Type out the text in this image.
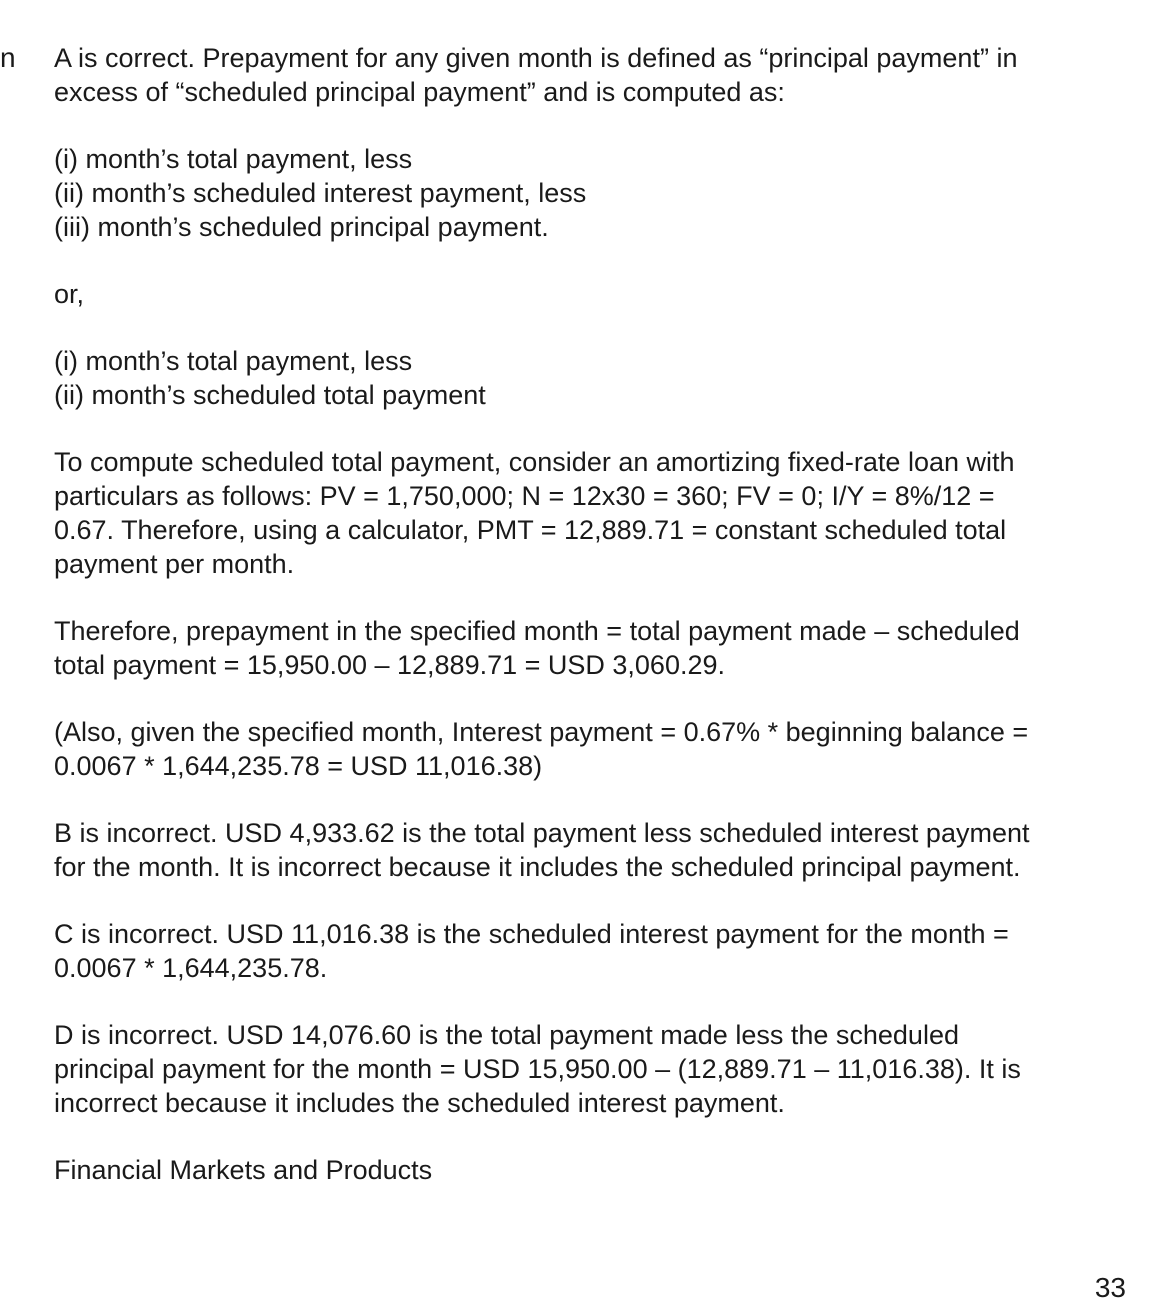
n A is correct. Prepayment for any given month is defined as “principal payment” in
excess of “scheduled principal payment” and is computed as:

(i) month’s total payment, less
(ii) month’s scheduled interest payment, less
(iii) month’s scheduled principal payment.

or,

(i) month’s total payment, less
(ii) month’s scheduled total payment

To compute scheduled total payment, consider an amortizing fixed-rate loan with
particulars as follows: PV = 1,750,000; N = 12x30 = 360; FV = 0; I/Y = 8%/12 =
0.67. Therefore, using a calculator, PMT = 12,889.71 = constant scheduled total
payment per month.

Therefore, prepayment in the specified month = total payment made – scheduled
total payment = 15,950.00 – 12,889.71 = USD 3,060.29.

(Also, given the specified month, Interest payment = 0.67% * beginning balance =
0.0067 * 1,644,235.78 = USD 11,016.38)

B is incorrect. USD 4,933.62 is the total payment less scheduled interest payment
for the month. It is incorrect because it includes the scheduled principal payment.

C is incorrect. USD 11,016.38 is the scheduled interest payment for the month =
0.0067 * 1,644,235.78.

D is incorrect. USD 14,076.60 is the total payment made less the scheduled
principal payment for the month = USD 15,950.00 – (12,889.71 – 11,016.38). It is
incorrect because it includes the scheduled interest payment.

Financial Markets and Products

33
